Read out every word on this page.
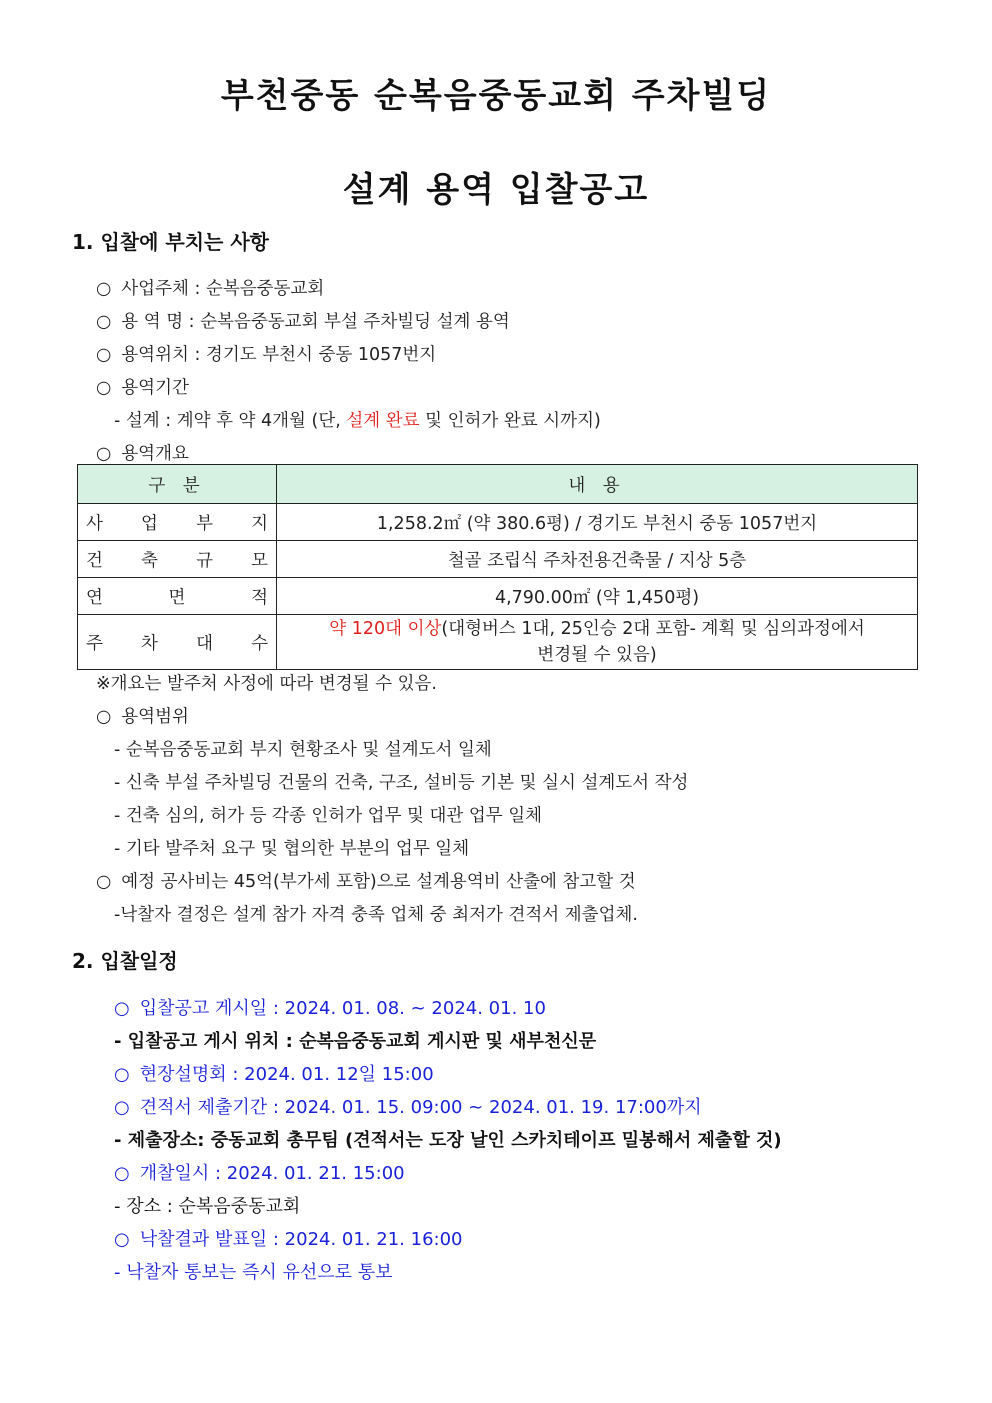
부천중동 순복음중동교회 주차빌딩
설계 용역 입찰공고
1. 입찰에 부치는 사항
○ 사업주체 : 순복음중동교회
○ 용 역 명 : 순복음중동교회 부설 주차빌딩 설계 용역
○ 용역위치 : 경기도 부천시 중동 1057번지
○ 용역기간
- 설계 : 계약 후 약 4개월 (단, 설계 완료 및 인허가 완료 시까지)
○ 용역개요
구 분	내 용

사 업 부 지	1,258.2㎡ (약 380.6평) / 경기도 부천시 중동 1057번지

건 축 규 모	철골 조립식 주차전용건축물 / 지상 5층

연 면 적	4,790.00㎡ (약 1,450평)

주 차 대 수	약 120대 이상(대형버스 1대, 25인승 2대 포함- 계획 및 심의과정에서
변경될 수 있음)
※개요는 발주처 사정에 따라 변경될 수 있음.
○ 용역범위
- 순복음중동교회 부지 현황조사 및 설계도서 일체
- 신축 부설 주차빌딩 건물의 건축, 구조, 설비등 기본 및 실시 설계도서 작성
- 건축 심의, 허가 등 각종 인허가 업무 및 대관 업무 일체
- 기타 발주처 요구 및 협의한 부분의 업무 일체
○ 예정 공사비는 45억(부가세 포함)으로 설계용역비 산출에 참고할 것
-낙찰자 결정은 설계 참가 자격 충족 업체 중 최저가 견적서 제출업체.
2. 입찰일정
○ 입찰공고 게시일 : 2024. 01. 08. ~ 2024. 01. 10
- 입찰공고 게시 위치 : 순복음중동교회 게시판 및 새부천신문
○ 현장설명회 : 2024. 01. 12일 15:00
○ 견적서 제출기간 : 2024. 01. 15. 09:00 ~ 2024. 01. 19. 17:00까지
- 제출장소: 중동교회 총무팀 (견적서는 도장 날인 스카치테이프 밀봉해서 제출할 것)
○ 개찰일시 : 2024. 01. 21. 15:00
- 장소 : 순복음중동교회
○ 낙찰결과 발표일 : 2024. 01. 21. 16:00
- 낙찰자 통보는 즉시 유선으로 통보
